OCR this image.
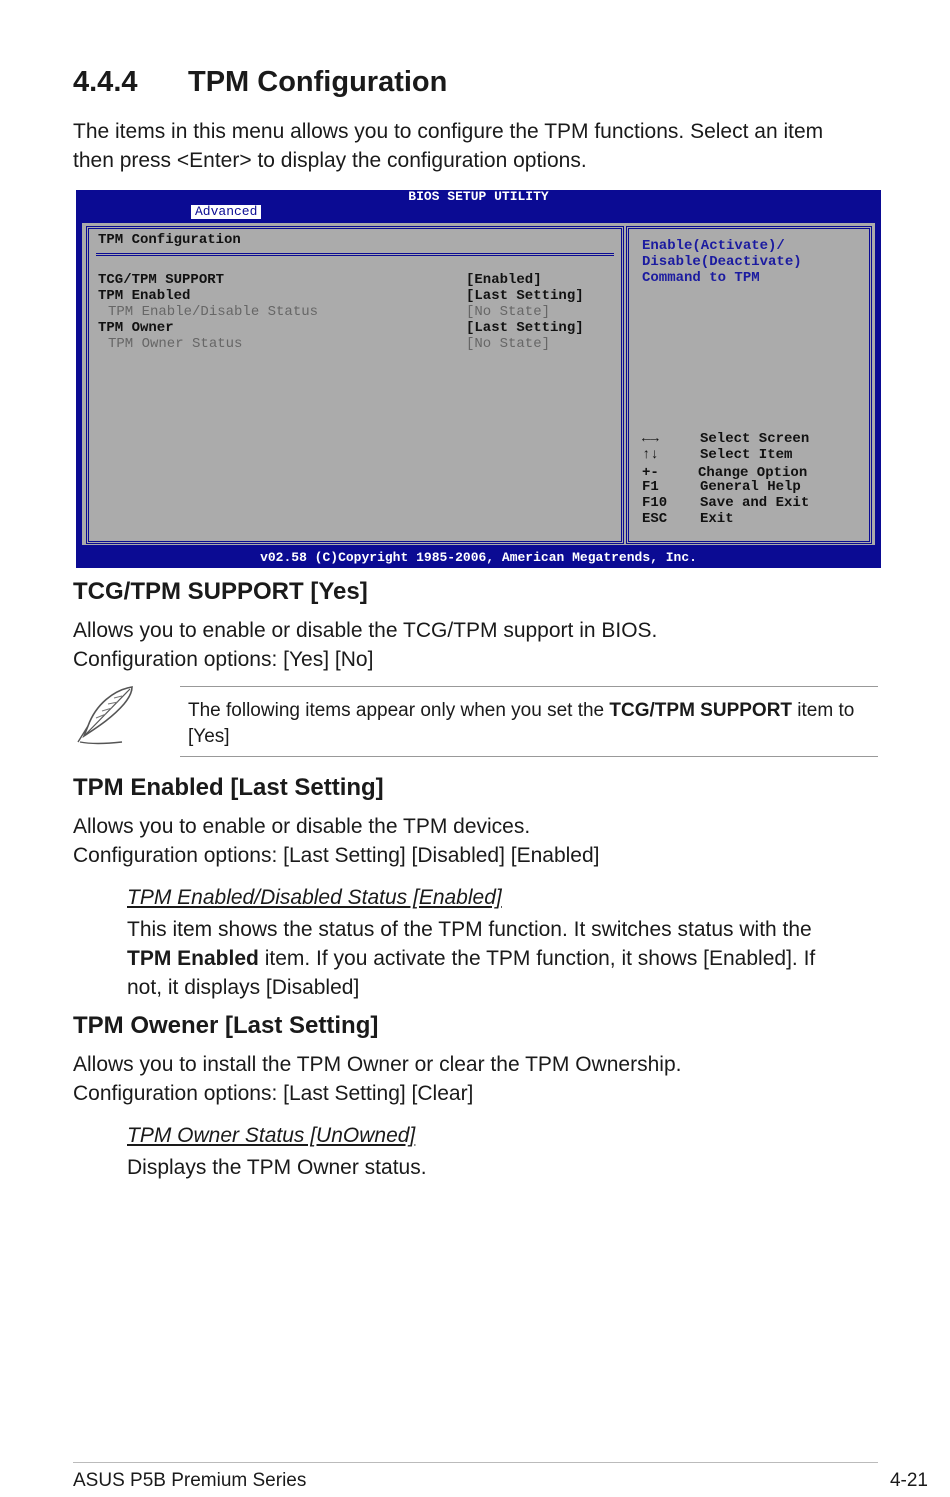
4.4.4 TPM Configuration
The items in this menu allows you to configure the TPM functions. Select an item
then press <Enter> to display the configuration options.
BIOS SETUP UTILITY
Advanced
TPM Configuration
TCG/TPM SUPPORT	[Enabled]
TPM Enabled	[Last Setting]
TPM Enable/Disable Status	[No State]
TPM Owner	[Last Setting]
TPM Owner Status	[No State]
Enable(Activate)/
Disable(Deactivate)
Command to TPM
←→	Select Screen
↑↓	Select Item
+-	Change Option
F1	General Help
F10 Save and Exit
ESC Exit
v02.58 (C)Copyright 1985-2006, American Megatrends, Inc.
TCG/TPM SUPPORT [Yes]
Allows you to enable or disable the TCG/TPM support in BIOS.
Configuration options: [Yes] [No]
The following items appear only when you set the TCG/TPM SUPPORT item to
[Yes]
TPM Enabled [Last Setting]
Allows you to enable or disable the TPM devices.
Configuration options: [Last Setting] [Disabled] [Enabled]
TPM Enabled/Disabled Status [Enabled]
This item shows the status of the TPM function. It switches status with the
TPM Enabled item. If you activate the TPM function, it shows [Enabled]. If
not, it displays [Disabled]
TPM Owener [Last Setting]
Allows you to install the TPM Owner or clear the TPM Ownership.
Configuration options: [Last Setting] [Clear]
TPM Owner Status [UnOwned]
Displays the TPM Owner status.
ASUS P5B Premium Series	4-21
